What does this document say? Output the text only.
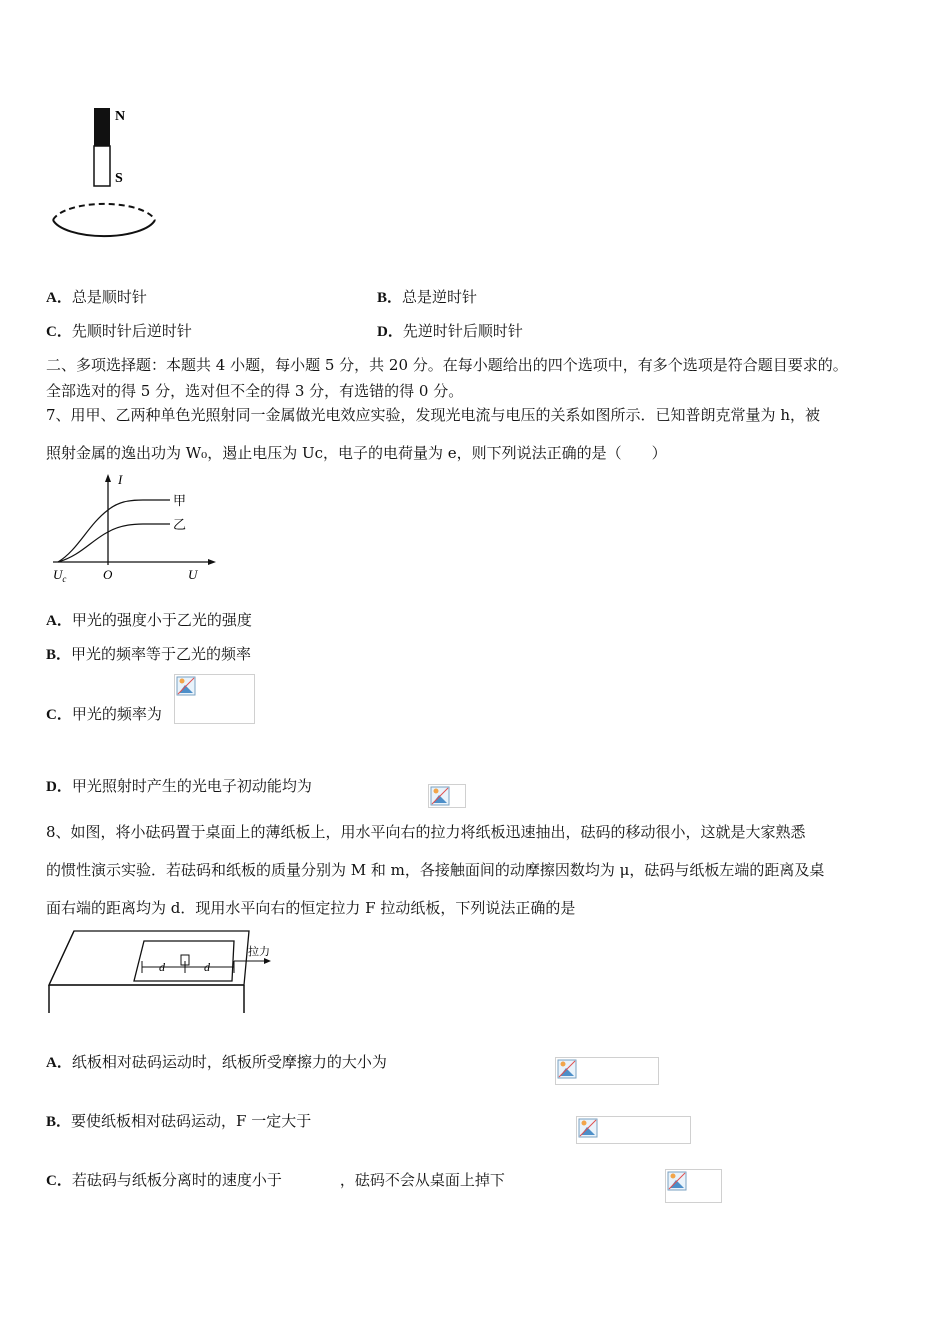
N
S
A．总是顺时针	B．总是逆时针
C．先顺时针后逆时针	D．先逆时针后顺时针
二、多项选择题：本题共 4 小题，每小题 5 分，共 20 分。在每小题给出的四个选项中，有多个选项是符合题目要求的。
全部选对的得 5 分，选对但不全的得 3 分，有选错的得 0 分。
7、用甲、乙两种单色光照射同一金属做光电效应实验，发现光电流与电压的关系如图所示．已知普朗克常量为 h，被
照射金属的逸出功为 W₀，遏止电压为 Uc，电子的电荷量为 e，则下列说法正确的是（　　）
I
U
O
$U_c$
甲
乙
A．甲光的强度小于乙光的强度
B．甲光的频率等于乙光的频率
C．甲光的频率为

D．甲光照射时产生的光电子初动能均为

8、如图，将小砝码置于桌面上的薄纸板上，用水平向右的拉力将纸板迅速抽出，砝码的移动很小，这就是大家熟悉
的惯性演示实验．若砝码和纸板的质量分别为 M 和 m，各接触面间的动摩擦因数均为 μ，砝码与纸板左端的距离及桌
面右端的距离均为 d．现用水平向右的恒定拉力 F 拉动纸板，下列说法正确的是
d	d
拉力
A．纸板相对砝码运动时，纸板所受摩擦力的大小为

B．要使纸板相对砝码运动，F 一定大于

C．若砝码与纸板分离时的速度小于	，砝码不会从桌面上掉下
